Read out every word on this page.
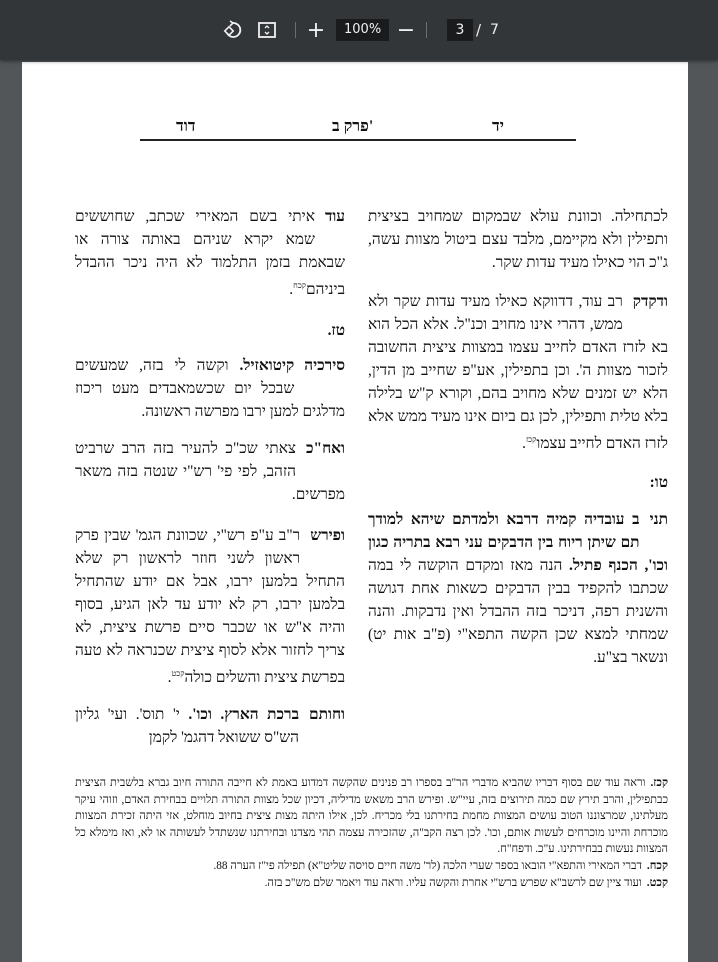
+	100% −	3 / 7
יד
פרק ב'
דוד

לכתחילה. וכוונת עולא שבמקום שמחויב בציצית ותפילין ולא מקיימם, מלבד עצם ביטול מצוות עשה, ג"כ הוי כאילו מעיד עדות שקר.

ודקדק
רב עוד, דדווקא כאילו מעיד עדות שקר ולא ממש, דהרי אינו מחויב וכנ"ל. אלא הכל הוא בא לזרז האדם לחייב עצמו במצוות ציצית החשובה לזכור מצוות ה'. וכן בתפילין, אע"פ שחייב מן הדין, הלא יש זמנים שלא מחויב בהם, וקורא ק"ש בלילה בלא טלית ותפילין, לכן גם ביום אינו מעיד ממש אלא לזרז האדם לחייב עצמו$^{קכז}$.

טו:

תני
ב עובדיה קמיה דרבא ולמדתם שיהא למודך תם שיתן ריוח בין הדבקים עני רבא בתריה כגון וכו', הכנף פתיל. הנה מאז ומקדם הוקשה לי במה שכתבו להקפיד בבין הדבקים כשאות אחת דגושה והשנית רפה, דניכר בזה ההבדל ואין נדבקות. והנה שמחתי למצא שכן הקשה התפא"י (פ"ב אות יט) ונשאר בצ"ע.

עוד
איתי בשם המאירי שכתב, שחוששים שמא יקרא שניהם באותה צורה או שבאמת בזמן התלמוד לא היה ניכר ההבדל ביניהם$^{קכח}$.

טז.

סירכיה
קיטואזיל. וקשה לי בזה, שמעשים שבכל יום שכשמאבדים מעט ריכוז מדלגים למען ירבו מפרשה ראשונה.

ואח"כ
צאתי שכ"כ להעיר בזה הרב שרביט הזהב, לפי פי' רש"י שנטה בזה משאר מפרשים.

ופירש
ר"ב ע"פ רש"י, שכוונת הגמ' שבין פרק ראשון לשני חוזר לראשון רק שלא התחיל בלמען ירבו, אבל אם יודע שהתחיל בלמען ירבו, רק לא יודע עד לאן הגיע, בסוף והיה א"ש או שכבר סיים פרשת ציצית, לא צריך לחזור אלא לסוף ציצית שכנראה לא טעה בפרשת ציצית והשלים כולה$^{קכט}$.

וחותם
ברכת הארץ. וכו'. י' תוס'. ועי' גליון הש"ס ששואל דהגמ' לקמן

קכז.וראה עוד שם בסוף דבריו שהביא מדברי הר"ב בספרו רב פנינים שהקשה דמדוע באמת לא חייבה התורה חיוב גברא בלשבית הציצית כבתפילין, והרב תירץ שם כמה תירוצים בזה, עיי"ש. ופירש הרב משאש מדיליה, דכיון שכל מצוות התורה תלויים בבחירת האדם, וזוהי עיקר מעלתינו, שמרצוננו הטוב עושים המצוות מחמת בחירתנו בלי מכריח. לכן, אילו היתה מצות ציצית בחיוב מוחלט, אזי היתה זכירת המצוות מוכרחת והיינו מוכרחים לעשות אותם, וכו'. לכן רצה הקב"ה, שהזכירה עצמה תהי מצדנו ובחירתנו שנשתדל לעשותה או לא, ואז מימלא כל המצוות נעשות בבחירתינו. ע"כ. ודפח"ח.

קכח.דברי המאירי והתפא"י הובאו בספר שערי הלכה (לר' משה חיים סויסה שליט"א) תפילה פי"ז הערה 88.

קכט.ועוד ציין שם לרשב"א שפרש ברש"י אחרת והקשה עליו. וראה עוד ויאמר שלם מש"כ בזה.
